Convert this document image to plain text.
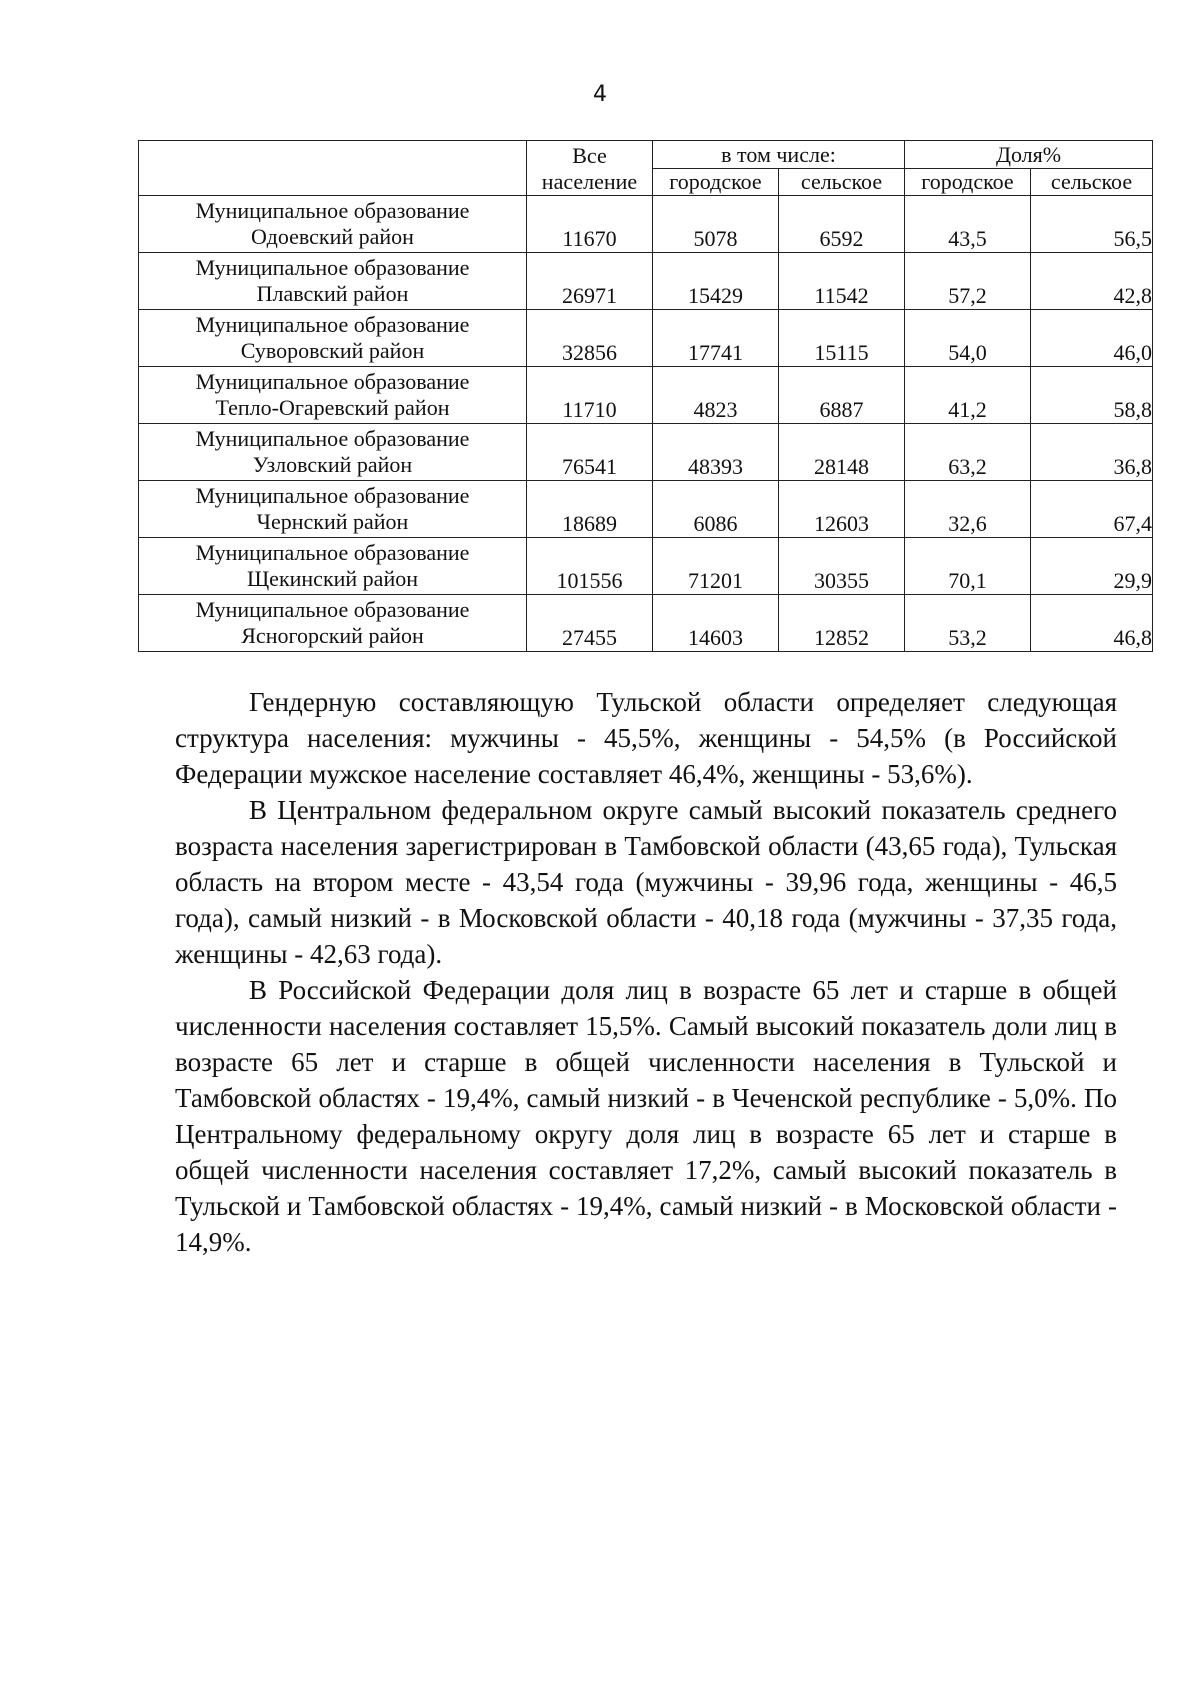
4
	Все	в том числе:		Доля%	
	население	городское	сельское	городское	сельское

Муниципальное образование
Одоевский район	11670	5078	6592	43,5	56,5

Муниципальное образование
Плавский район	26971	15429	11542	57,2	42,8

Муниципальное образование
Суворовский район	32856	17741	15115	54,0	46,0

Муниципальное образование
Тепло-Огаревский район	11710	4823	6887	41,2	58,8

Муниципальное образование
Узловский район	76541	48393	28148	63,2	36,8

Муниципальное образование
Чернский район	18689	6086	12603	32,6	67,4

Муниципальное образование
Щекинский район	101556	71201	30355	70,1	29,9

Муниципальное образование
Ясногорский район	27455	14603	12852	53,2	46,8

Гендерную составляющую Тульской области определяет следующая структура населения: мужчины - 45,5%, женщины - 54,5% (в Российской Федерации мужское население составляет 46,4%, женщины - 53,6%).

В Центральном федеральном округе самый высокий показатель среднего возраста населения зарегистрирован в Тамбовской области (43,65 года), Тульская область на втором месте - 43,54 года (мужчины - 39,96 года, женщины - 46,5 года), самый низкий - в Московской области - 40,18 года (мужчины - 37,35 года, женщины - 42,63 года).

В Российской Федерации доля лиц в возрасте 65 лет и старше в общей численности населения составляет 15,5%. Самый высокий показатель доли лиц в возрасте 65 лет и старше в общей численности населения в Тульской и Тамбовской областях - 19,4%, самый низкий - в Чеченской республике - 5,0%. По Центральному федеральному округу доля лиц в возрасте 65 лет и старше в общей численности населения составляет 17,2%, самый высокий показатель в Тульской и Тамбовской областях - 19,4%, самый низкий - в Московской области - 14,9%.
